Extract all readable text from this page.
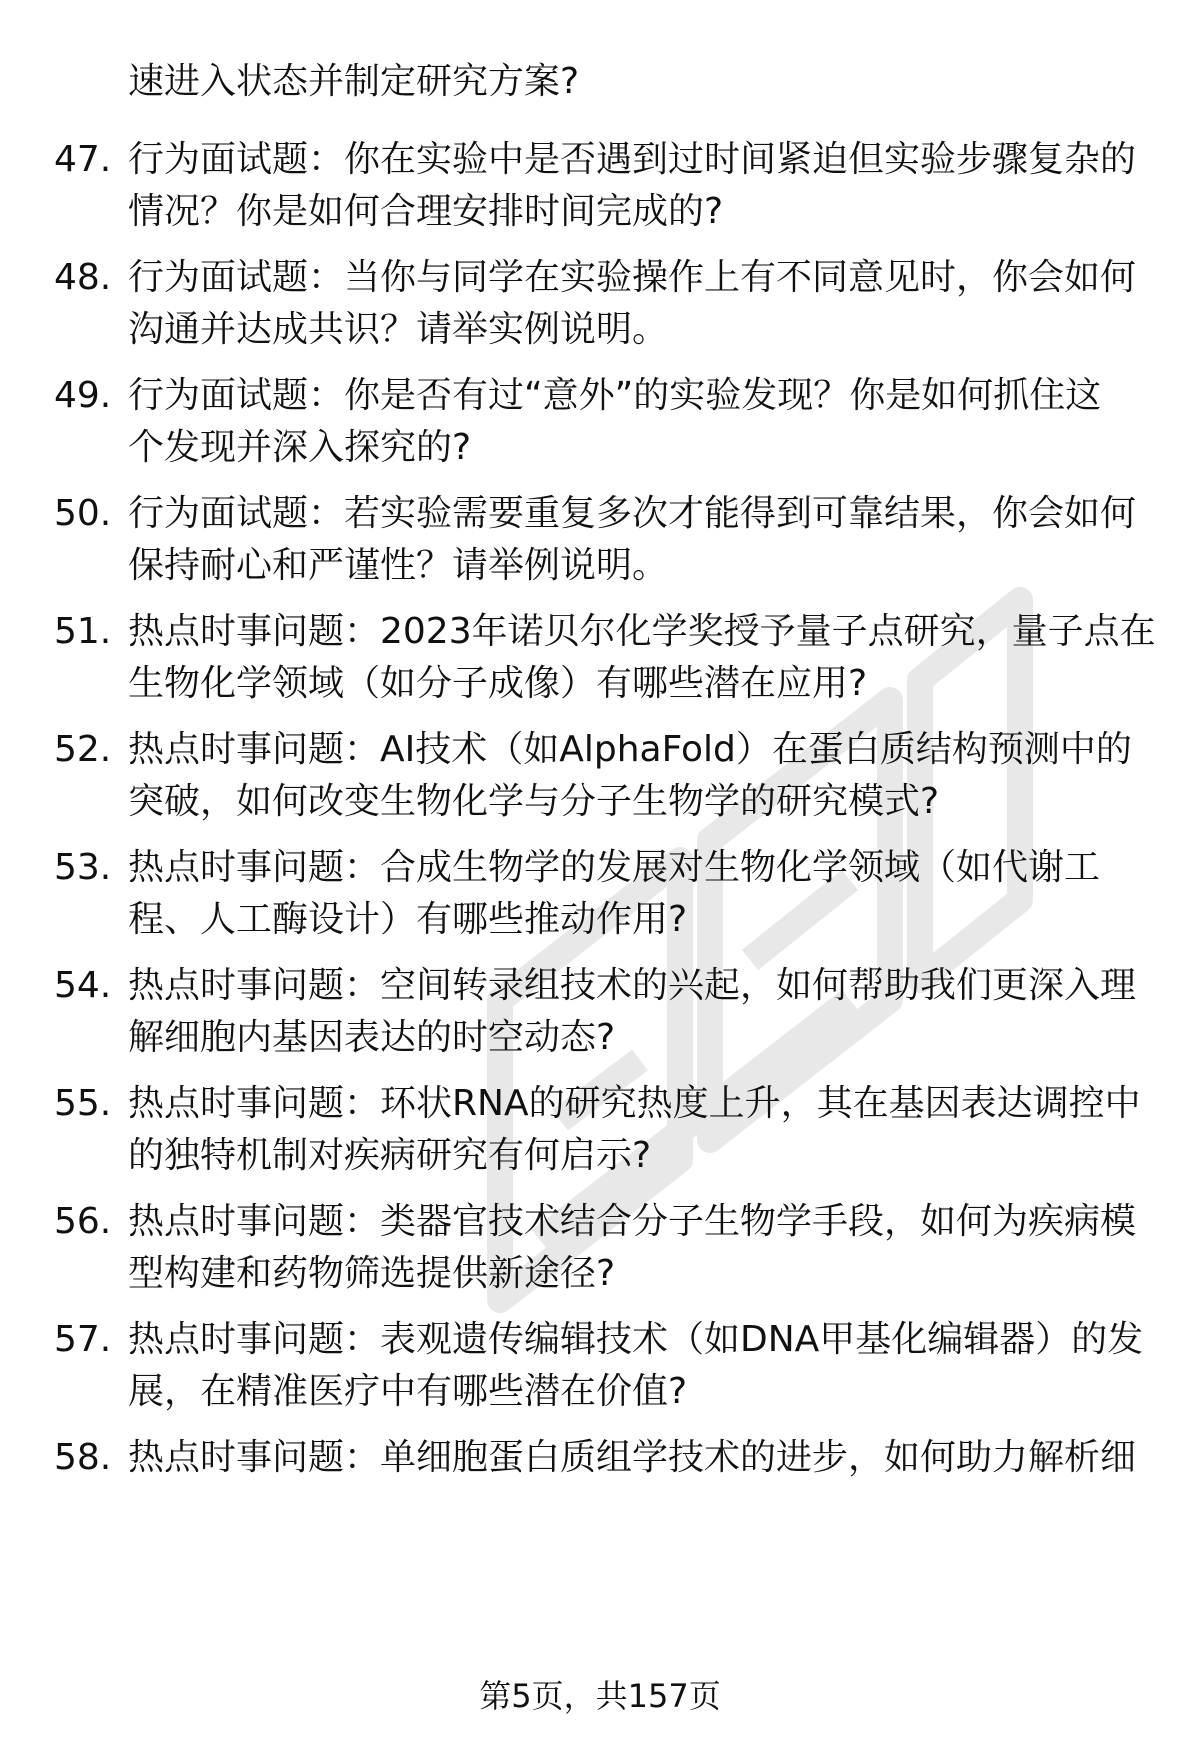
速进入状态并制定研究方案?
47. 行为面试题：你在实验中是否遇到过时间紧迫但实验步骤复杂的
情况？你是如何合理安排时间完成的?
48. 行为面试题：当你与同学在实验操作上有不同意见时，你会如何
沟通并达成共识？请举实例说明。
49. 行为面试题：你是否有过“意外”的实验发现？你是如何抓住这
个发现并深入探究的?
50. 行为面试题：若实验需要重复多次才能得到可靠结果，你会如何
保持耐心和严谨性？请举例说明。
51. 热点时事问题：2023年诺贝尔化学奖授予量子点研究，量子点在
生物化学领域（如分子成像）有哪些潜在应用?
52. 热点时事问题：AI技术（如AlphaFold）在蛋白质结构预测中的
突破，如何改变生物化学与分子生物学的研究模式?
53. 热点时事问题：合成生物学的发展对生物化学领域（如代谢工
程、人工酶设计）有哪些推动作用?
54. 热点时事问题：空间转录组技术的兴起，如何帮助我们更深入理
解细胞内基因表达的时空动态?
55. 热点时事问题：环状RNA的研究热度上升，其在基因表达调控中
的独特机制对疾病研究有何启示?
56. 热点时事问题：类器官技术结合分子生物学手段，如何为疾病模
型构建和药物筛选提供新途径?
57. 热点时事问题：表观遗传编辑技术（如DNA甲基化编辑器）的发
展，在精准医疗中有哪些潜在价值?
58. 热点时事问题：单细胞蛋白质组学技术的进步，如何助力解析细
第5页，共157页
